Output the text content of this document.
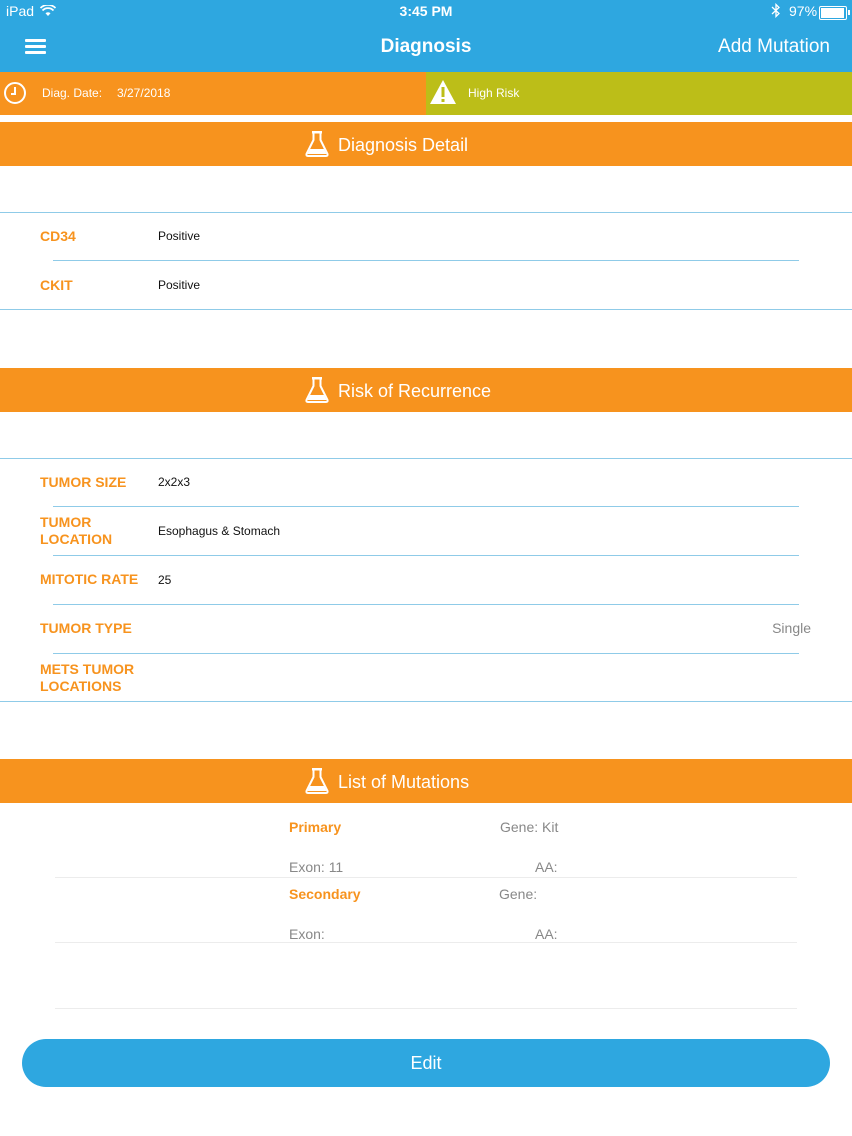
iPad	3:45 PM	97%
Diagnosis	Add Mutation
Diag. Date: 3/27/2018	High Risk
Diagnosis Detail
CD34	Positive
CKIT	Positive
Risk of Recurrence
TUMOR SIZE	2x2x3
TUMOR
LOCATION	Esophagus & Stomach
MITOTIC RATE 25
TUMOR TYPE	Single
METS TUMOR
LOCATIONS
List of Mutations
Primary	Gene: Kit
Exon: 11	AA:
Secondary	Gene:
Exon:	AA:
Edit
